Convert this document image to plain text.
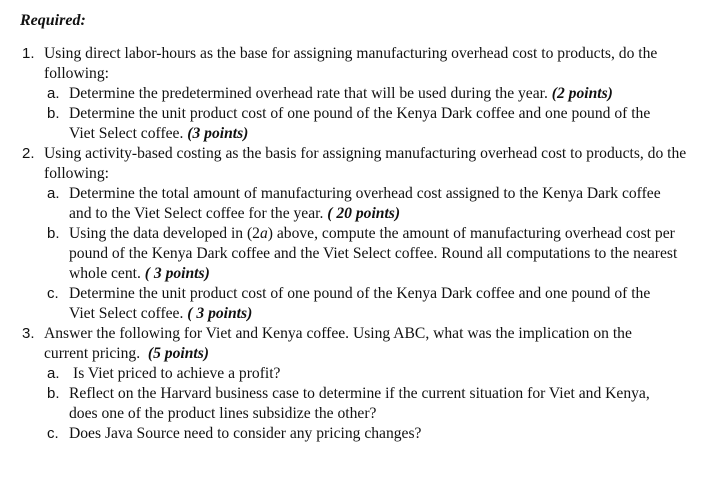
Required:
1. Using direct labor-hours as the base for assigning manufacturing overhead cost to products, do the following:
a. Determine the predetermined overhead rate that will be used during the year. (2 points)
b. Determine the unit product cost of one pound of the Kenya Dark coffee and one pound of the Viet Select coffee. (3 points)
2. Using activity-based costing as the basis for assigning manufacturing overhead cost to products, do the following:
a. Determine the total amount of manufacturing overhead cost assigned to the Kenya Dark coffee and to the Viet Select coffee for the year. ( 20 points)
b. Using the data developed in (2a) above, compute the amount of manufacturing overhead cost per pound of the Kenya Dark coffee and the Viet Select coffee. Round all computations to the nearest whole cent. ( 3 points)
c. Determine the unit product cost of one pound of the Kenya Dark coffee and one pound of the Viet Select coffee. ( 3 points)
3. Answer the following for Viet and Kenya coffee. Using ABC, what was the implication on the current pricing. (5 points)
a. Is Viet priced to achieve a profit?
b. Reflect on the Harvard business case to determine if the current situation for Viet and Kenya, does one of the product lines subsidize the other?
c. Does Java Source need to consider any pricing changes?
